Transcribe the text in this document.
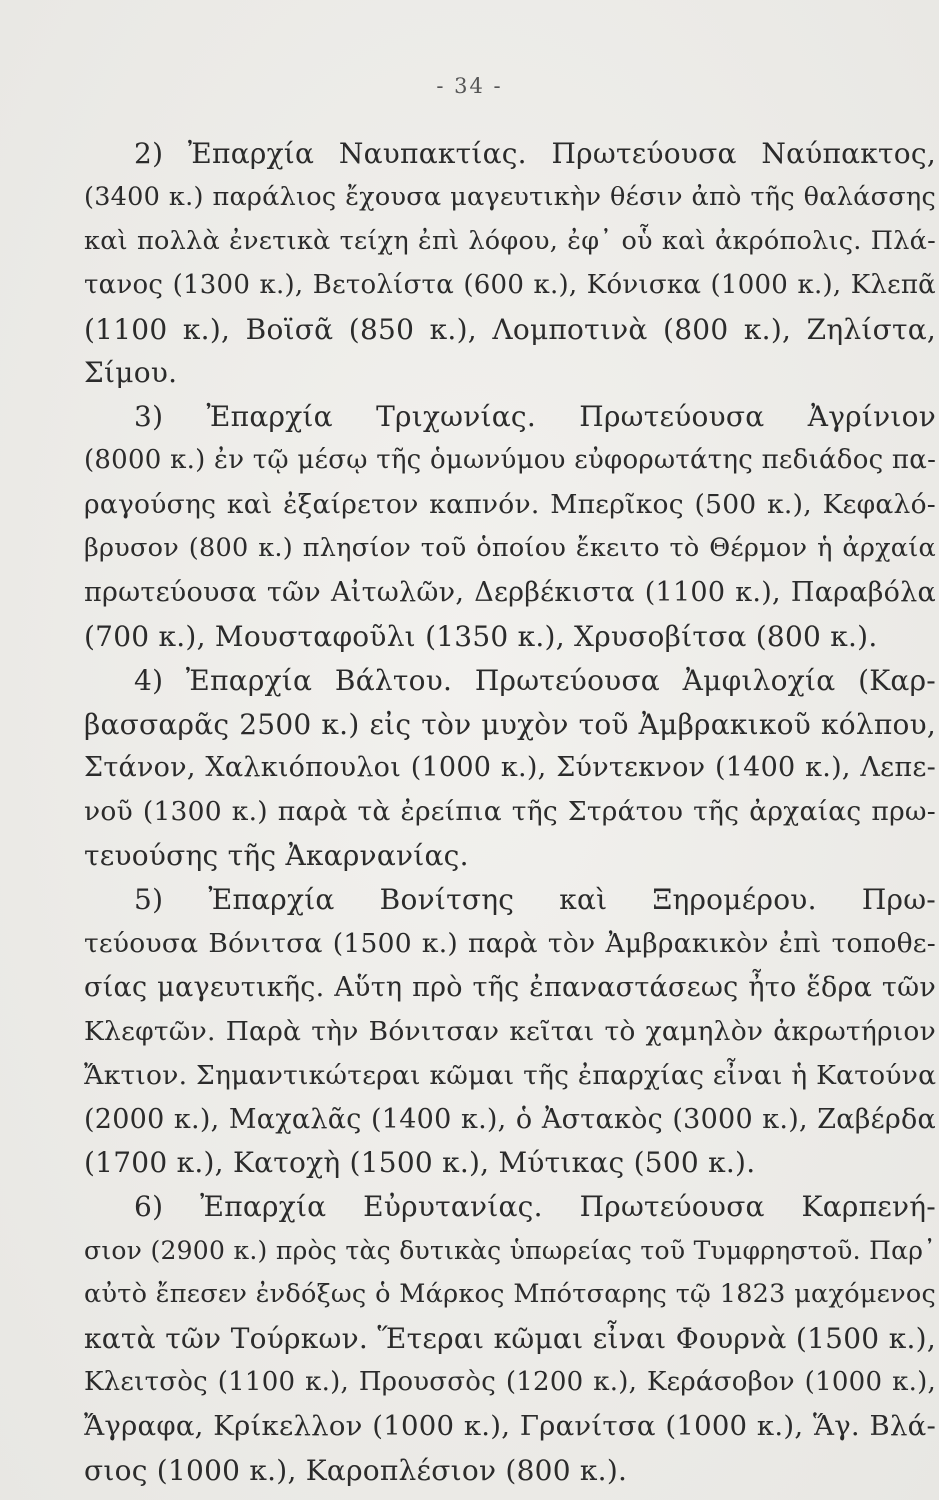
- 34 -
2) Ἐπαρχία Ναυπακτίας. Πρωτεύουσα Ναύπακτος,
(3400 κ.) παράλιος ἔχουσα μαγευτικὴν θέσιν ἀπὸ τῆς θαλάσσης
καὶ πολλὰ ἐνετικὰ τείχη ἐπὶ λόφου, ἐφ᾽ οὗ καὶ ἀκρόπολις. Πλά-
τανος (1300 κ.), Βετολίστα (600 κ.), Κόνισκα (1000 κ.), Κλεπᾶ
(1100 κ.), Βοϊσᾶ (850 κ.), Λομποτινὰ (800 κ.), Ζηλίστα,
Σίμου.
3) Ἐπαρχία Τριχωνίας. Πρωτεύουσα Ἀγρίνιον
(8000 κ.) ἐν τῷ μέσῳ τῆς ὁμωνύμου εὐφορωτάτης πεδιάδος πα-
ραγούσης καὶ ἐξαίρετον καπνόν. Μπερῖκος (500 κ.), Κεφαλό-
βρυσον (800 κ.) πλησίον τοῦ ὁποίου ἔκειτο τὸ Θέρμον ἡ ἀρχαία
πρωτεύουσα τῶν Αἰτωλῶν, Δερβέκιστα (1100 κ.), Παραβόλα
(700 κ.), Μουσταφοῦλι (1350 κ.), Χρυσοβίτσα (800 κ.).
4) Ἐπαρχία Βάλτου. Πρωτεύουσα Ἀμφιλοχία (Καρ-
βασσαρᾶς 2500 κ.) εἰς τὸν μυχὸν τοῦ Ἀμβρακικοῦ κόλπου,
Στάνον, Χαλκιόπουλοι (1000 κ.), Σύντεκνον (1400 κ.), Λεπε-
νοῦ (1300 κ.) παρὰ τὰ ἐρείπια τῆς Στράτου τῆς ἀρχαίας πρω-
τευούσης τῆς Ἀκαρνανίας.
5) Ἐπαρχία Βονίτσης καὶ Ξηρομέρου. Πρω-
τεύουσα Βόνιτσα (1500 κ.) παρὰ τὸν Ἀμβρακικὸν ἐπὶ τοποθε-
σίας μαγευτικῆς. Αὕτη πρὸ τῆς ἐπαναστάσεως ἦτο ἕδρα τῶν
Κλεφτῶν. Παρὰ τὴν Βόνιτσαν κεῖται τὸ χαμηλὸν ἀκρωτήριον
Ἄκτιον. Σημαντικώτεραι κῶμαι τῆς ἐπαρχίας εἶναι ἡ Κατούνα
(2000 κ.), Μαχαλᾶς (1400 κ.), ὁ Ἀστακὸς (3000 κ.), Ζαβέρδα
(1700 κ.), Κατοχὴ (1500 κ.), Μύτικας (500 κ.).
6) Ἐπαρχία Εὐρυτανίας. Πρωτεύουσα Καρπενή-
σιον (2900 κ.) πρὸς τὰς δυτικὰς ὑπωρείας τοῦ Τυμφρηστοῦ. Παρ᾽
αὐτὸ ἔπεσεν ἐνδόξως ὁ Μάρκος Μπότσαρης τῷ 1823 μαχόμενος
κατὰ τῶν Τούρκων. Ἕτεραι κῶμαι εἶναι Φουρνὰ (1500 κ.),
Κλειτσὸς (1100 κ.), Προυσσὸς (1200 κ.), Κεράσοβον (1000 κ.),
Ἄγραφα, Κρίκελλον (1000 κ.), Γρανίτσα (1000 κ.), Ἅγ. Βλά-
σιος (1000 κ.), Καροπλέσιον (800 κ.).
